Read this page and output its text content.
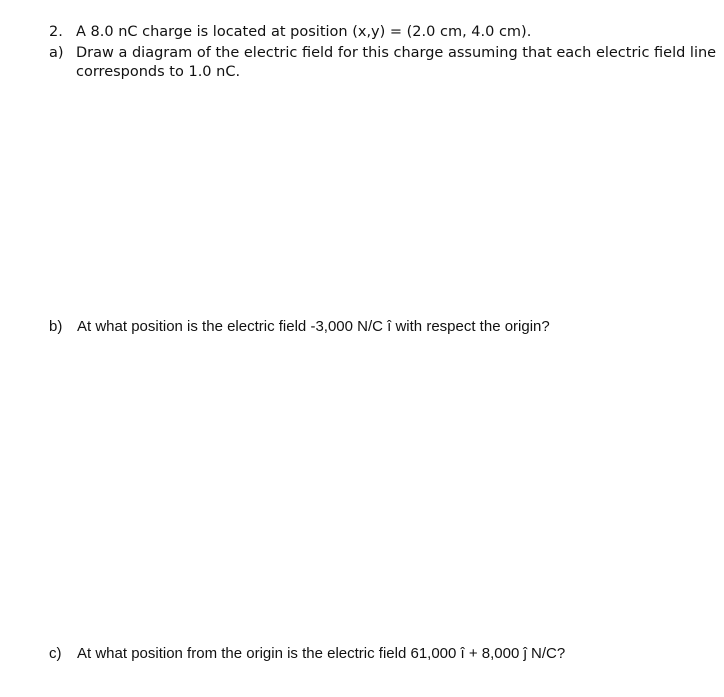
2. A 8.0 nC charge is located at position (x,y) = (2.0 cm, 4.0 cm).
a) Draw a diagram of the electric field for this charge assuming that each electric field line
corresponds to 1.0 nC.
b) At what position is the electric field -3,000 N/C î with respect the origin?
c) At what position from the origin is the electric field 61,000 î + 8,000 ĵ N/C?
